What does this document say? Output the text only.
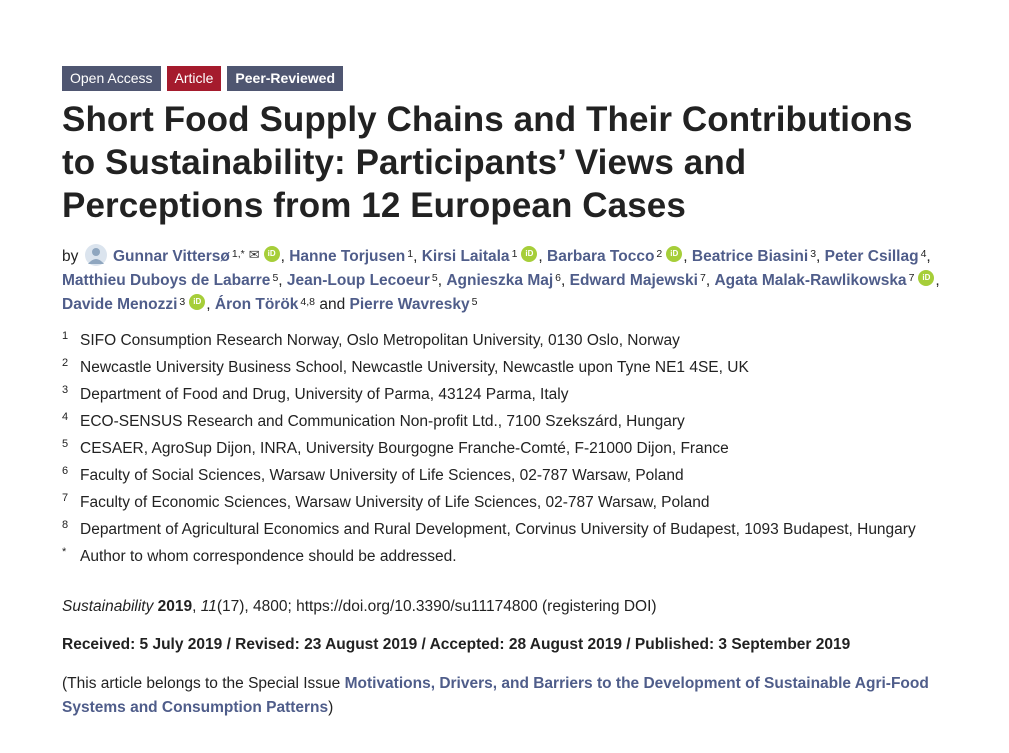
Open Access	Article	Peer-Reviewed
Short Food Supply Chains and Their Contributions to Sustainability: Participants’ Views and Perceptions from 12 European Cases
by Gunnar Vittersø $^{1,*}$ ✉ iD , Hanne Torjusen $^1$, Kirsi Laitala $^1$ iD , Barbara Tocco $^2$ iD , Beatrice Biasini $^3$, Peter Csillag $^4$, Matthieu Duboys de Labarre $^5$, Jean-Loup Lecoeur $^5$, Agnieszka Maj $^6$, Edward Majewski $^7$, Agata Malak-Rawlikowska $^7$ iD , Davide Menozzi $^3$ iD , Áron Török $^{4,8}$ and Pierre Wavresky $^5$
1 SIFO Consumption Research Norway, Oslo Metropolitan University, 0130 Oslo, Norway
2 Newcastle University Business School, Newcastle University, Newcastle upon Tyne NE1 4SE, UK
3 Department of Food and Drug, University of Parma, 43124 Parma, Italy
4 ECO-SENSUS Research and Communication Non-profit Ltd., 7100 Szekszárd, Hungary
5 CESAER, AgroSup Dijon, INRA, University Bourgogne Franche-Comté, F-21000 Dijon, France
6 Faculty of Social Sciences, Warsaw University of Life Sciences, 02-787 Warsaw, Poland
7 Faculty of Economic Sciences, Warsaw University of Life Sciences, 02-787 Warsaw, Poland
8 Department of Agricultural Economics and Rural Development, Corvinus University of Budapest, 1093 Budapest, Hungary
* Author to whom correspondence should be addressed.
Sustainability 2019, 11(17), 4800; https://doi.org/10.3390/su11174800 (registering DOI)
Received: 5 July 2019 / Revised: 23 August 2019 / Accepted: 28 August 2019 / Published: 3 September 2019
(This article belongs to the Special Issue Motivations, Drivers, and Barriers to the Development of Sustainable Agri-Food Systems and Consumption Patterns)
